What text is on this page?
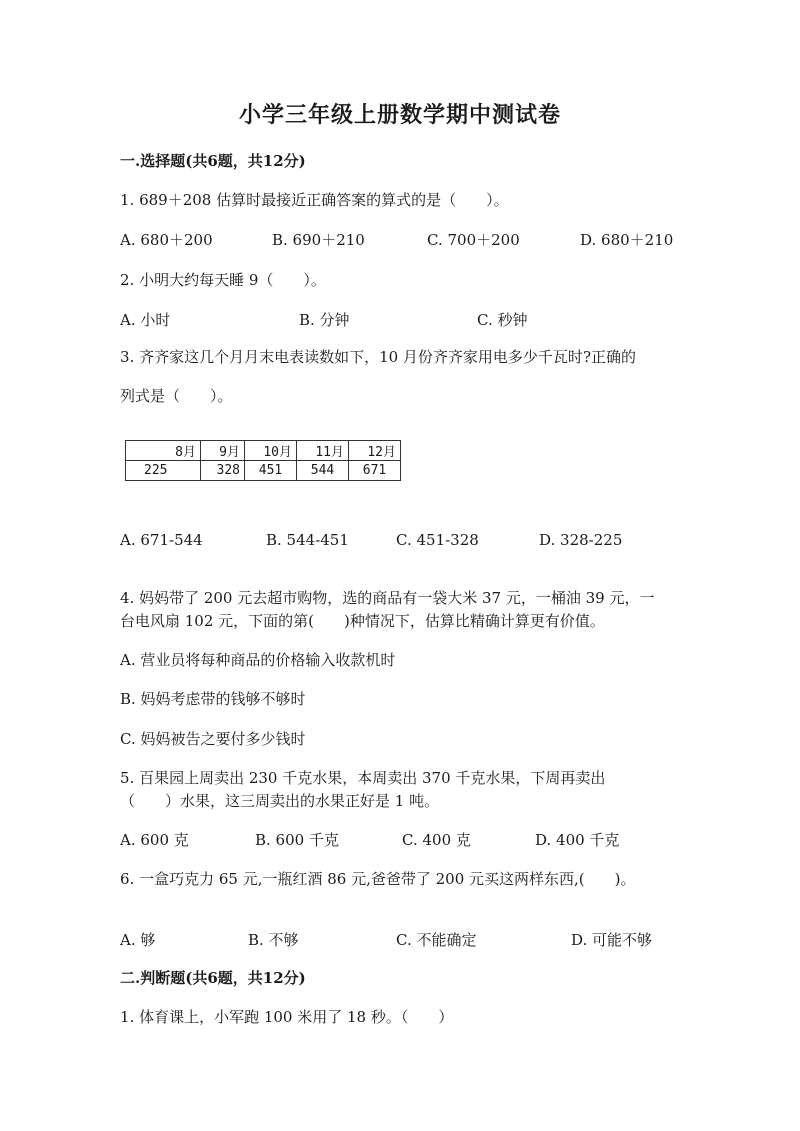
小学三年级上册数学期中测试卷
一.选择题(共6题，共12分)
1. 689＋208 估算时最接近正确答案的算式的是（　　）。
A. 680＋200	B. 690＋210	C. 700＋200	D. 680＋210
2. 小明大约每天睡 9（　　）。
A. 小时	B. 分钟	C. 秒钟
3. 齐齐家这几个月月末电表读数如下，10 月份齐齐家用电多少千瓦时?正确的
列式是（　　）。
8月	9月	10月	11月	12月
225	328	451	544	671
A. 671-544	B. 544-451	C. 451-328	D. 328-225
4. 妈妈带了 200 元去超市购物，选的商品有一袋大米 37 元，一桶油 39 元，一
台电风扇 102 元，下面的第(　　)种情况下，估算比精确计算更有价值。
A. 营业员将每种商品的价格输入收款机时
B. 妈妈考虑带的钱够不够时
C. 妈妈被告之要付多少钱时
5. 百果园上周卖出 230 千克水果，本周卖出 370 千克水果，下周再卖出
（　　）水果，这三周卖出的水果正好是 1 吨。
A. 600 克	B. 600 千克	C. 400 克	D. 400 千克
6. 一盒巧克力 65 元,一瓶红酒 86 元,爸爸带了 200 元买这两样东西,(　　)。
A. 够	B. 不够	C. 不能确定	D. 可能不够
二.判断题(共6题，共12分)
1. 体育课上，小军跑 100 米用了 18 秒。（　　）
